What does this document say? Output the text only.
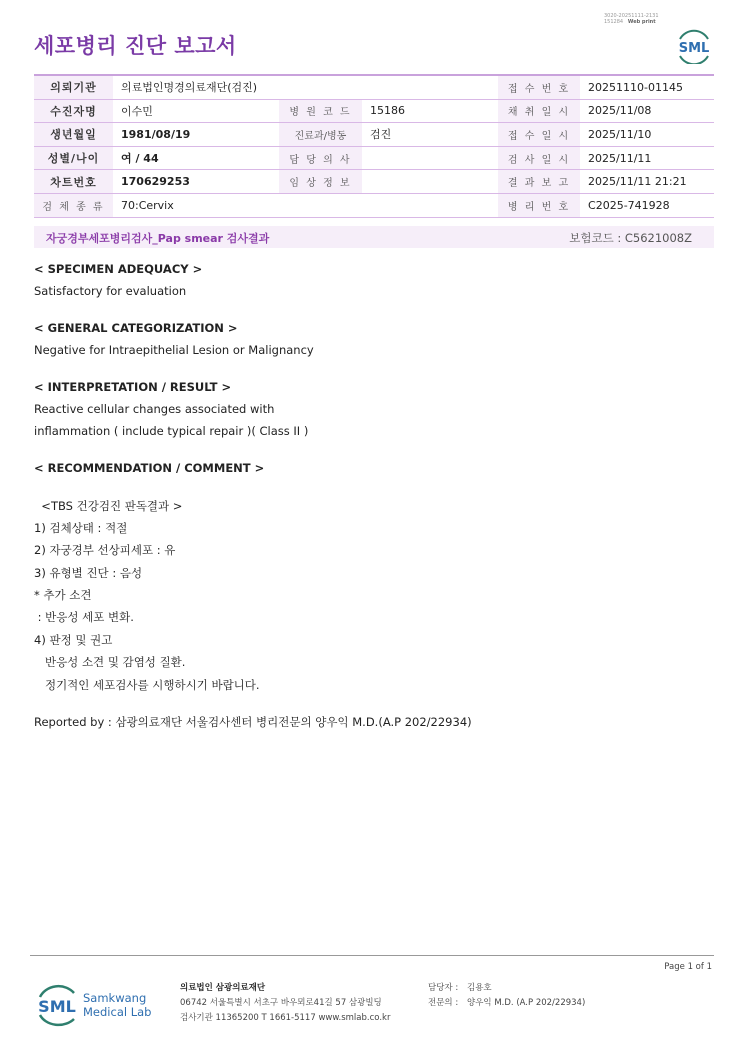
3020-20251111-2131
151284 Web print
세포병리 진단 보고서	SML
의뢰기관	의료법인명경의료재단(검진)			접 수 번 호	20251110-01145
수진자명	이수민	병 원 코 드	15186	채 취 일 시	2025/11/08
생년월일	1981/08/19	진료과/병동	검진	접 수 일 시	2025/11/10
성별/나이	여 / 44	담 당 의 사		검 사 일 시	2025/11/11
차트번호	170629253	임 상 정 보		결 과 보 고	2025/11/11 21:21
검 체 종 류	70:Cervix			병 리 번 호	C2025-741928
자궁경부세포병리검사_Pap smear 검사결과	보험코드 : C5621008Z
< SPECIMEN ADEQUACY >
Satisfactory for evaluation
< GENERAL CATEGORIZATION >
Negative for Intraepithelial Lesion or Malignancy
< INTERPRETATION / RESULT >
Reactive cellular changes associated with
inflammation ( include typical repair )( Class II )
< RECOMMENDATION / COMMENT >
<TBS 건강검진 판독결과 >
1) 검체상태 : 적절
2) 자궁경부 선상피세포 : 유
3) 유형별 진단 : 음성
* 추가 소견
: 반응성 세포 변화.
4) 판정 및 권고
반응성 소견 및 감염성 질환.
정기적인 세포검사를 시행하시기 바랍니다.
Reported by : 삼광의료재단 서울검사센터 병리전문의 양우익 M.D.(A.P 202/22934)
Page 1 of 1
SML Samkwang
Medical Lab
의료법인 삼광의료재단
06742 서울특별시 서초구 바우뫼로41길 57 삼광빌딩
검사기관 11365200 T 1661-5117 www.smlab.co.kr
담당자 : 김용호
전문의 : 양우익 M.D. (A.P 202/22934)
